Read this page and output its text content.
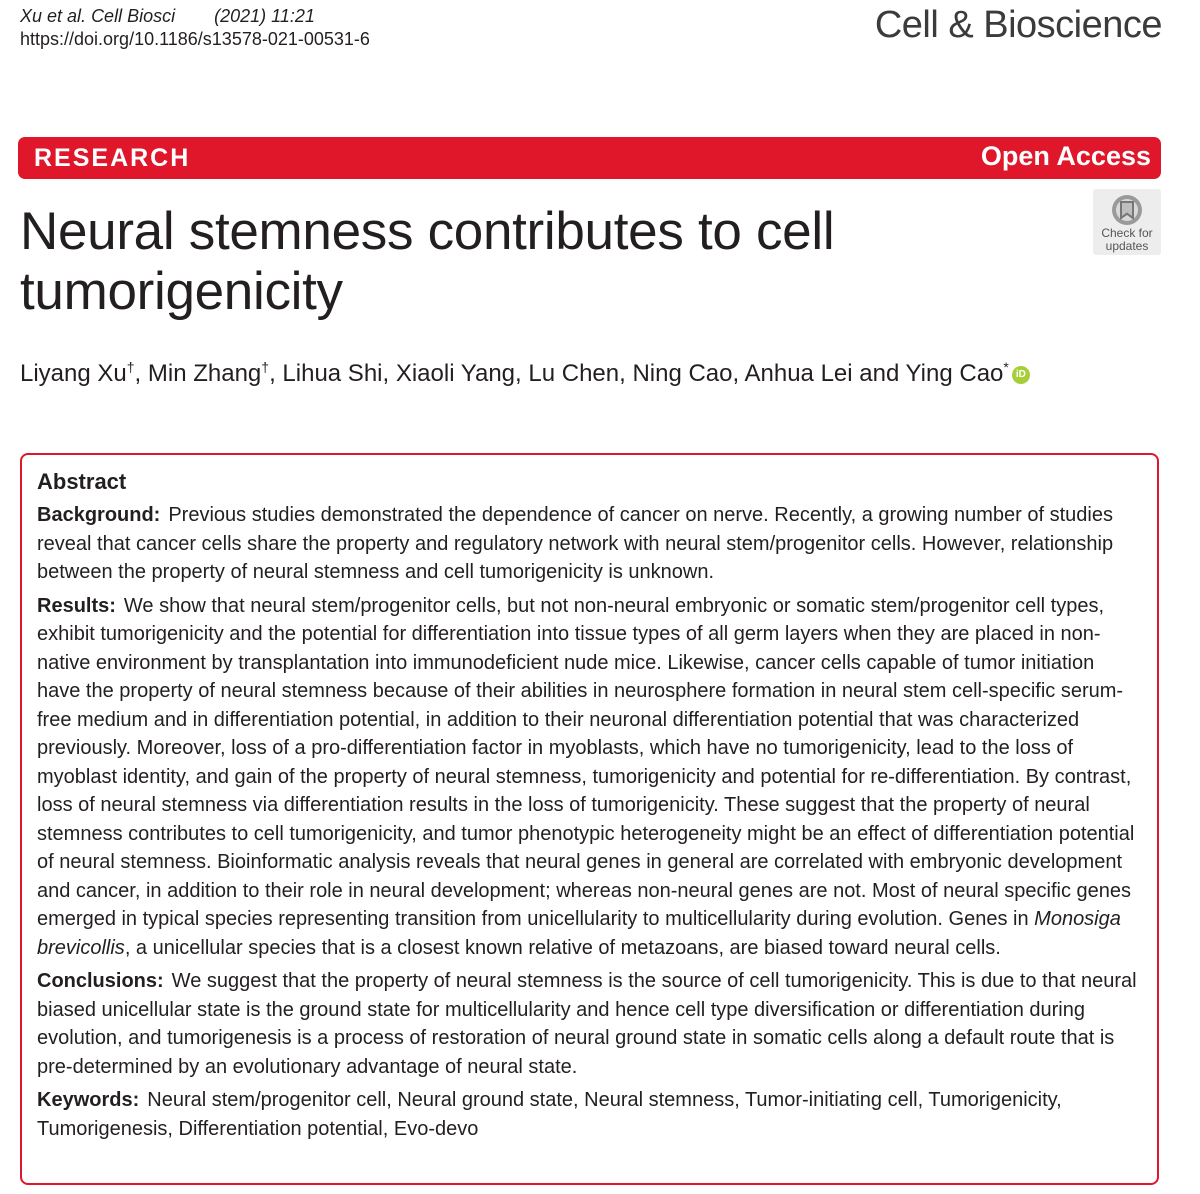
Xu et al. Cell Biosci (2021) 11:21
https://doi.org/10.1186/s13578-021-00531-6	Cell & Bioscience
RESEARCH	Open Access
Neural stemness contributes to cell tumorigenicity
Check for
updates
Liyang Xu†, Min Zhang†, Lihua Shi, Xiaoli Yang, Lu Chen, Ning Cao, Anhua Lei and Ying Cao* iD
Abstract

Background: Previous studies demonstrated the dependence of cancer on nerve. Recently, a growing number of studies reveal that cancer cells share the property and regulatory network with neural stem/progenitor cells. However, relationship between the property of neural stemness and cell tumorigenicity is unknown.

Results: We show that neural stem/progenitor cells, but not non-neural embryonic or somatic stem/progenitor cell types, exhibit tumorigenicity and the potential for differentiation into tissue types of all germ layers when they are placed in non-native environment by transplantation into immunodeficient nude mice. Likewise, cancer cells capable of tumor initiation have the property of neural stemness because of their abilities in neurosphere formation in neural stem cell-specific serum-free medium and in differentiation potential, in addition to their neuronal differentiation potential that was characterized previously. Moreover, loss of a pro-differentiation factor in myoblasts, which have no tumorigenicity, lead to the loss of myoblast identity, and gain of the property of neural stemness, tumorigenicity and potential for re-differentiation. By contrast, loss of neural stemness via differentiation results in the loss of tumorigenicity. These suggest that the property of neural stemness contributes to cell tumorigenicity, and tumor phenotypic heterogeneity might be an effect of differentiation potential of neural stemness. Bioinformatic analysis reveals that neural genes in general are correlated with embryonic development and cancer, in addition to their role in neural development; whereas non-neural genes are not. Most of neural specific genes emerged in typical species representing transition from unicellularity to multicellularity during evolution. Genes in Monosiga brevicollis, a unicellular species that is a closest known relative of metazoans, are biased toward neural cells.

Conclusions: We suggest that the property of neural stemness is the source of cell tumorigenicity. This is due to that neural biased unicellular state is the ground state for multicellularity and hence cell type diversification or differentiation during evolution, and tumorigenesis is a process of restoration of neural ground state in somatic cells along a default route that is pre-determined by an evolutionary advantage of neural state.

Keywords: Neural stem/progenitor cell, Neural ground state, Neural stemness, Tumor-initiating cell, Tumorigenicity, Tumorigenesis, Differentiation potential, Evo-devo
